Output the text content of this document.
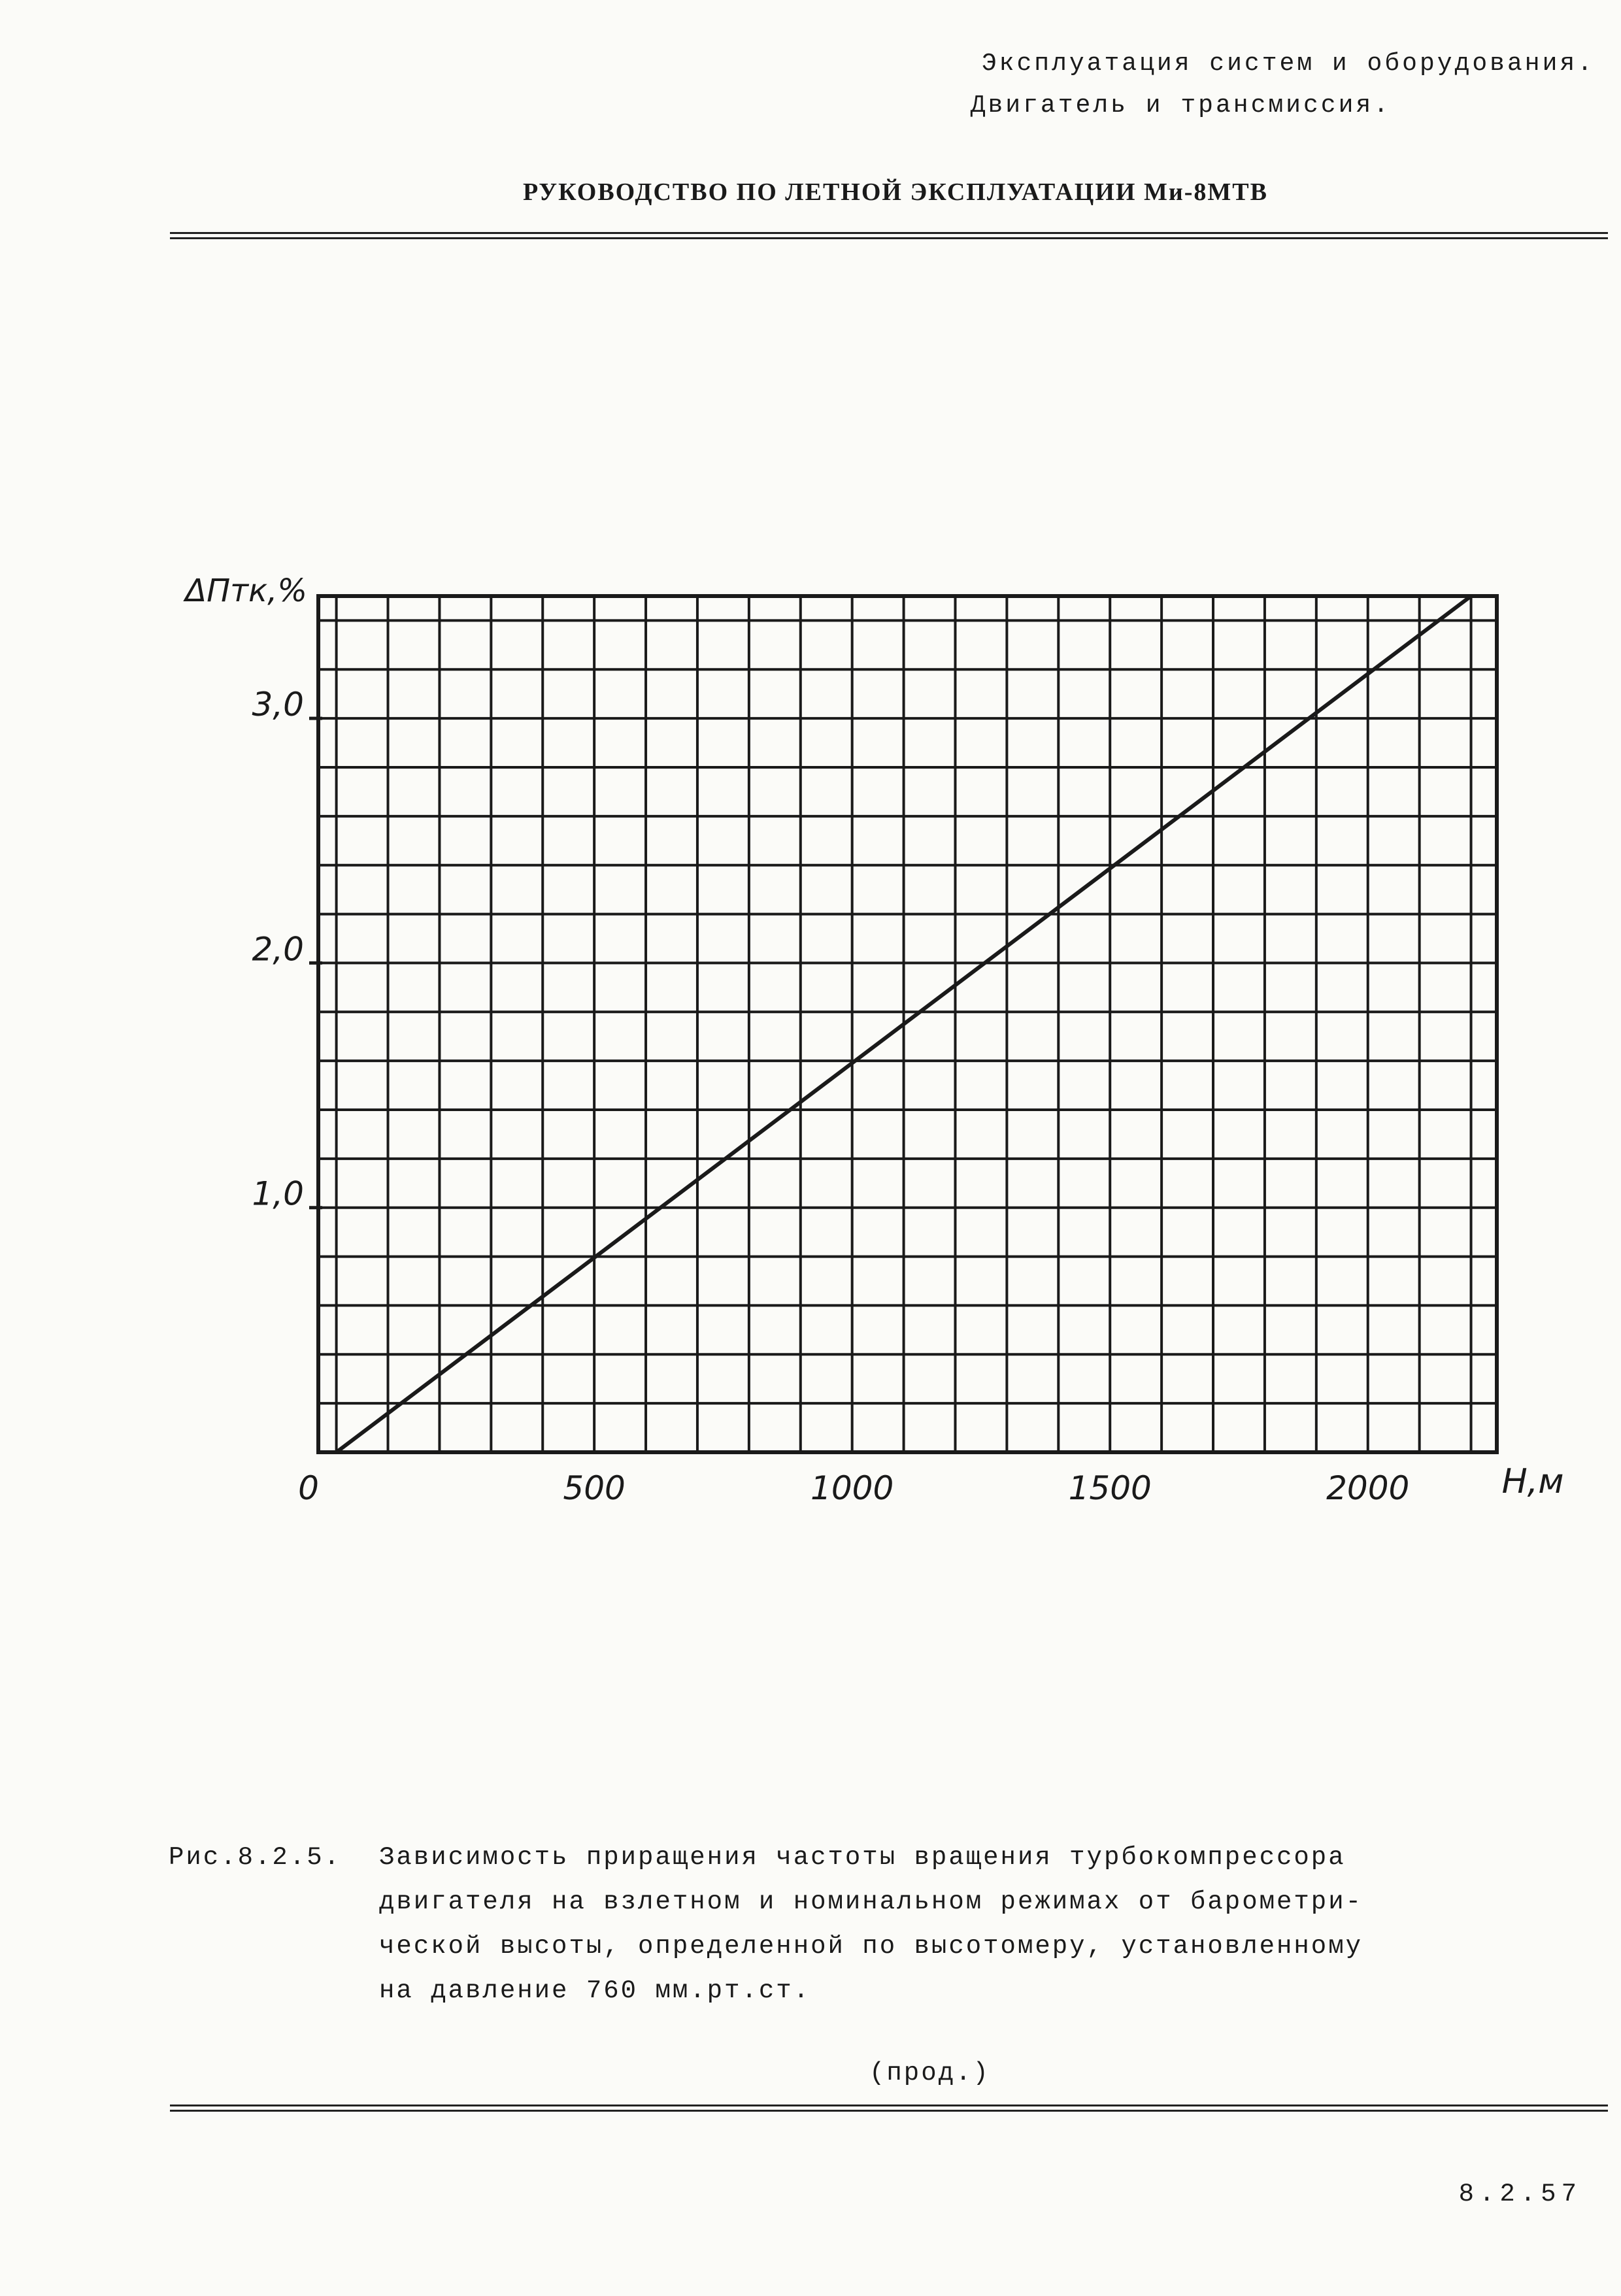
Эксплуатация систем и оборудования.
Двигатель и трансмиссия.
РУКОВОДСТВО ПО ЛЕТНОЙ ЭКСПЛУАТАЦИИ Ми-8МТВ
1,0
2,0
3,0
500	1000	1500	2000
0	Н,м
ΔПтк,%
Рис.8.2.5. Зависимость приращения частоты вращения турбокомпрессора
двигателя на взлетном и номинальном режимах от барометри-
ческой высоты, определенной по высотомеру, установленному
на давление 760 мм.рт.ст.
(прод.)
8.2.57
